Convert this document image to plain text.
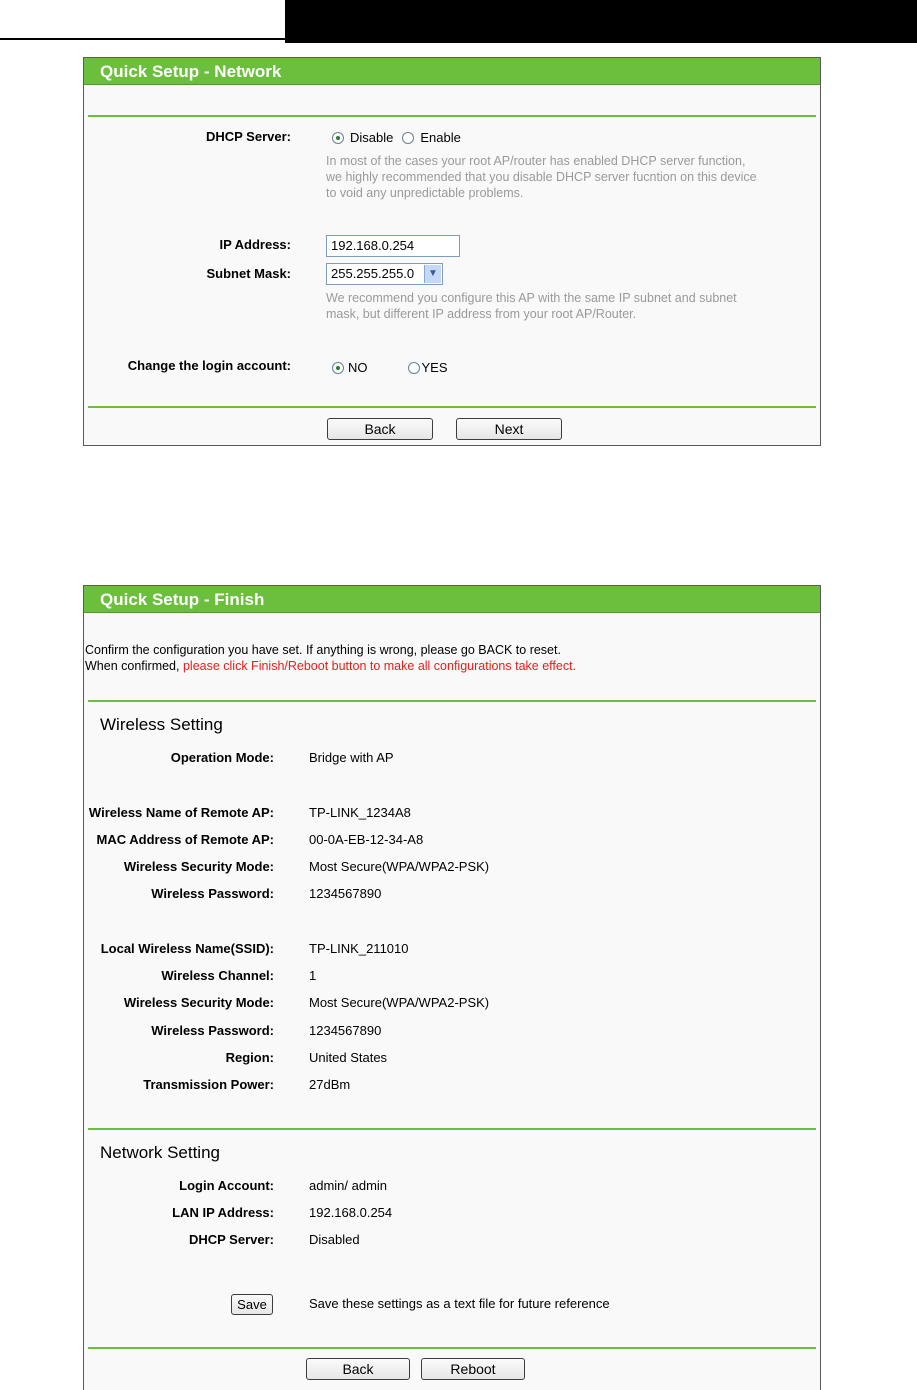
Quick Setup - Network
DHCP Server:	Disable Enable
In most of the cases your root AP/router has enabled DHCP server function,
we highly recommended that you disable DHCP server fucntion on this device
to void any unpredictable problems.
IP Address:	192.168.0.254
Subnet Mask:	255.255.255.0	▼
We recommend you configure this AP with the same IP subnet and subnet
mask, but different IP address from your root AP/Router.
Change the login account:	NO	YES
Back	Next
Quick Setup - Finish
Confirm the configuration you have set. If anything is wrong, please go BACK to reset.
When confirmed, please click Finish/Reboot button to make all configurations take effect.
Wireless Setting
Operation Mode:	Bridge with AP
Wireless Name of Remote AP:	TP-LINK_1234A8
MAC Address of Remote AP:	00-0A-EB-12-34-A8
Wireless Security Mode:	Most Secure(WPA/WPA2-PSK)
Wireless Password:	1234567890
Local Wireless Name(SSID):	TP-LINK_211010
Wireless Channel:	1
Wireless Security Mode:	Most Secure(WPA/WPA2-PSK)
Wireless Password:	1234567890
Region:	United States
Transmission Power:	27dBm
Network Setting
Login Account:	admin/ admin
LAN IP Address:	192.168.0.254
DHCP Server:	Disabled
Save	Save these settings as a text file for future reference
Back	Reboot
